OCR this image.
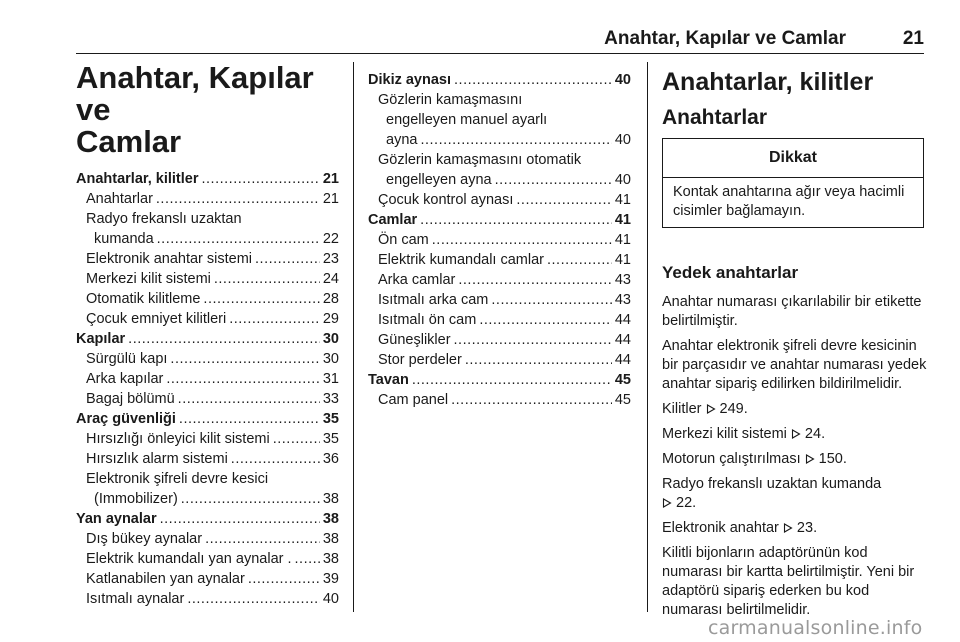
Anahtar, Kapılar ve Camlar	21
Anahtar, Kapılar ve
Camlar
Anahtarlar, kilitler .....	21
Anahtarlar .....	21
Radyo frekanslı uzaktan
kumanda .....	22
Elektronik anahtar sistemi .....	23
Merkezi kilit sistemi .....	24
Otomatik kilitleme .....	28
Çocuk emniyet kilitleri .....	29
Kapılar .....	30
Sürgülü kapı .....	30
Arka kapılar .....	31
Bagaj bölümü .....	33
Araç güvenliği .....	35
Hırsızlığı önleyici kilit sistemi .....	35
Hırsızlık alarm sistemi .....	36
Elektronik şifreli devre kesici
(Immobilizer) .....	38
Yan aynalar .....	38
Dış bükey aynalar .....	38
Elektrik kumandalı yan aynalar . ..... 38
Katlanabilen yan aynalar .....	39
Isıtmalı aynalar .....	40
Dikiz aynası .....	40
Gözlerin kamaşmasını
engelleyen manuel ayarlı
ayna .....	40
Gözlerin kamaşmasını otomatik
engelleyen ayna .....	40
Çocuk kontrol aynası .....	41
Camlar .....	41
Ön cam .....	41
Elektrik kumandalı camlar .....	41
Arka camlar .....	43
Isıtmalı arka cam .....	43
Isıtmalı ön cam .....	44
Güneşlikler .....	44
Stor perdeler .....	44
Tavan .....	45
Cam panel .....	45
Anahtarlar, kilitler
Anahtarlar
Dikkat
Kontak anahtarına ağır veya hacimli cisimler bağlamayın.
Yedek anahtarlar

Anahtar numarası çıkarılabilir bir etikette belirtilmiştir.

Anahtar elektronik şifreli devre kesicinin bir parçasıdır ve anahtar numarası yedek anahtar sipariş edilirken bildirilmelidir.

Kilitler  249.

Merkezi kilit sistemi  24.

Motorun çalıştırılması  150.

Radyo frekanslı uzaktan kumanda
22.

Elektronik anahtar  23.

Kilitli bijonların adaptörünün kod numarası bir kartta belirtilmiştir. Yeni bir adaptörü sipariş ederken bu kod numarası belirtilmelidir.

carmanualsonline.info
